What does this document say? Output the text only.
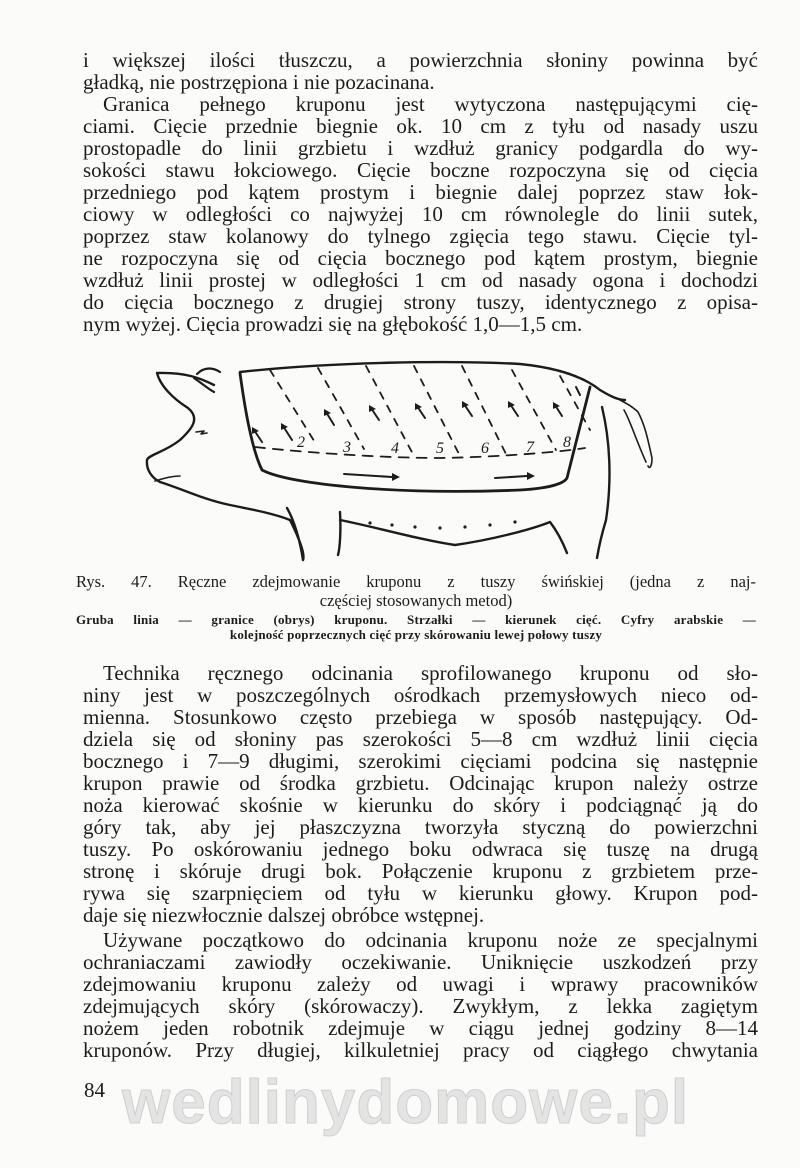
i większej ilości tłuszczu, a powierzchnia słoniny powinna być
gładką, nie postrzępiona i nie pozacinana.
Granica pełnego kruponu jest wytyczona następującymi cię-
ciami. Cięcie przednie biegnie ok. 10 cm z tyłu od nasady uszu
prostopadle do linii grzbietu i wzdłuż granicy podgardla do wy-
sokości stawu łokciowego. Cięcie boczne rozpoczyna się od cięcia
przedniego pod kątem prostym i biegnie dalej poprzez staw łok-
ciowy w odległości co najwyżej 10 cm równolegle do linii sutek,
poprzez staw kolanowy do tylnego zgięcia tego stawu. Cięcie tyl-
ne rozpoczyna się od cięcia bocznego pod kątem prostym, biegnie
wzdłuż linii prostej w odległości 1 cm od nasady ogona i dochodzi
do cięcia bocznego z drugiej strony tuszy, identycznego z opisa-
nym wyżej. Cięcia prowadzi się na głębokość 1,0—1,5 cm.
2 3	4 5 6 7 8
Rys. 47. Ręczne zdejmowanie kruponu z tuszy świńskiej (jedna z naj-
częściej stosowanych metod)
Gruba linia — granice (obrys) kruponu. Strzałki — kierunek cięć. Cyfry arabskie —
kolejność poprzecznych cięć przy skórowaniu lewej połowy tuszy
Technika ręcznego odcinania sprofilowanego kruponu od sło-
niny jest w poszczególnych ośrodkach przemysłowych nieco od-
mienna. Stosunkowo często przebiega w sposób następujący. Od-
dziela się od słoniny pas szerokości 5—8 cm wzdłuż linii cięcia
bocznego i 7—9 długimi, szerokimi cięciami podcina się następnie
krupon prawie od środka grzbietu. Odcinając krupon należy ostrze
noża kierować skośnie w kierunku do skóry i podciągnąć ją do
góry tak, aby jej płaszczyzna tworzyła styczną do powierzchni
tuszy. Po oskórowaniu jednego boku odwraca się tuszę na drugą
stronę i skóruje drugi bok. Połączenie kruponu z grzbietem prze-
rywa się szarpnięciem od tyłu w kierunku głowy. Krupon pod-
daje się niezwłocznie dalszej obróbce wstępnej.
Używane początkowo do odcinania kruponu noże ze specjalnymi
ochraniaczami zawiodły oczekiwanie. Uniknięcie uszkodzeń przy
zdejmowaniu kruponu zależy od uwagi i wprawy pracowników
zdejmujących skóry (skórowaczy). Zwykłym, z lekka zagiętym
nożem jeden robotnik zdejmuje w ciągu jednej godziny 8—14
kruponów. Przy długiej, kilkuletniej pracy od ciągłego chwytania
84 wedlinydomowe.pl
